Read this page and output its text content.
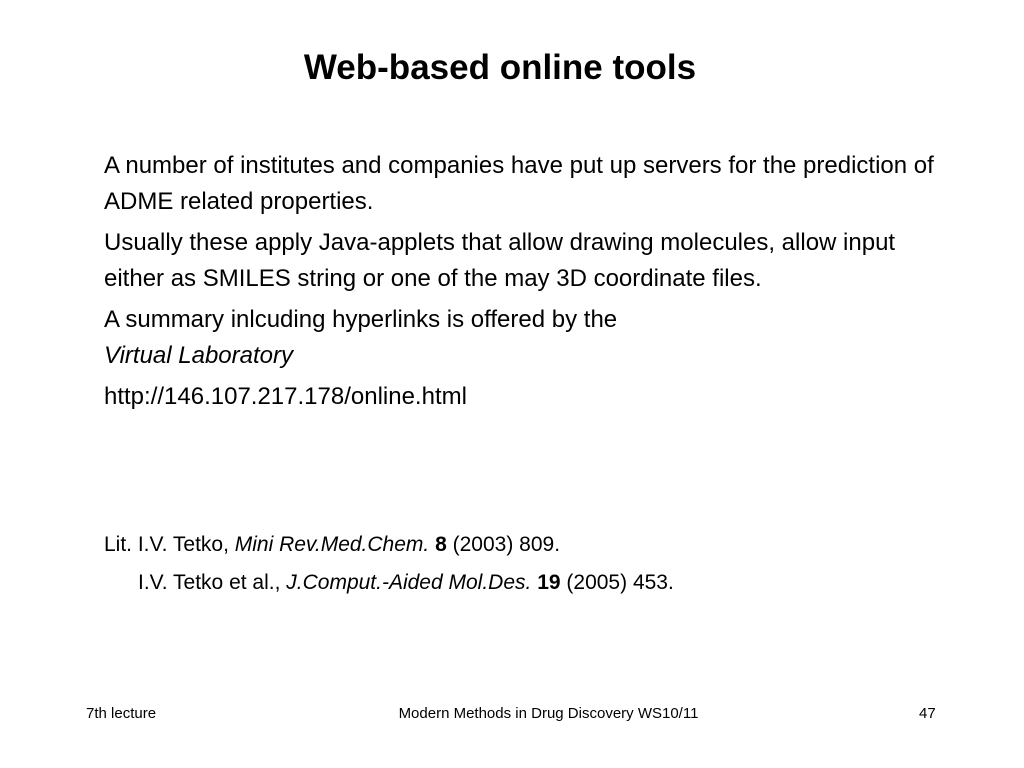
Web-based online tools

A number of institutes and companies have put up servers for the prediction of ADME related properties.

Usually these apply Java-applets that allow drawing molecules, allow input either as SMILES string or one of the may 3D coordinate files.

A summary inlcuding hyperlinks is offered by the
Virtual Laboratory

http://146.107.217.178/online.html

Lit. I.V. Tetko, Mini Rev.Med.Chem. 8 (2003) 809.
I.V. Tetko et al., J.Comput.-Aided Mol.Des. 19 (2005) 453.
7th lecture	Modern Methods in Drug Discovery WS10/11	47
